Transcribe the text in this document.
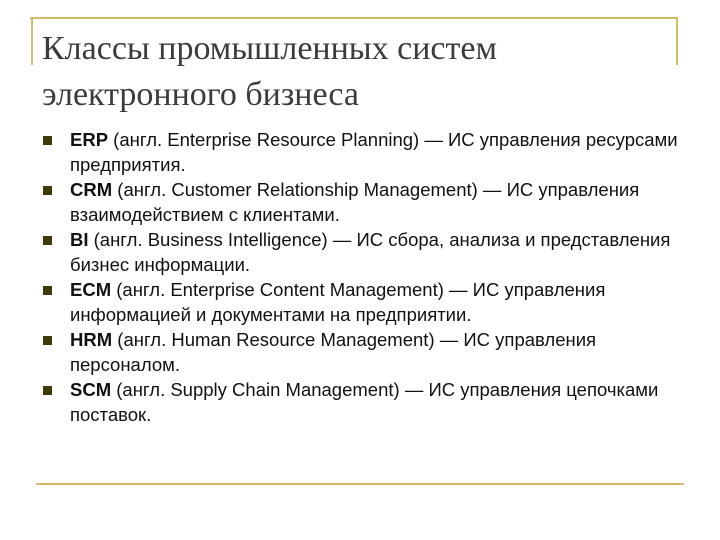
Классы промышленных систем
электронного бизнеса
ERP (англ. Enterprise Resource Planning) — ИС управления ресурсами предприятия.
CRM (англ. Customer Relationship Management) — ИС управления взаимодействием с клиентами.
BI (англ. Business Intelligence) — ИС сбора, анализа и представления бизнес информации.
ECM (англ. Enterprise Content Management) — ИС управления информацией и документами на предприятии.
HRM (англ. Human Resource Management) — ИС управления персоналом.
SCM (англ. Supply Chain Management) — ИС управления цепочками поставок.
